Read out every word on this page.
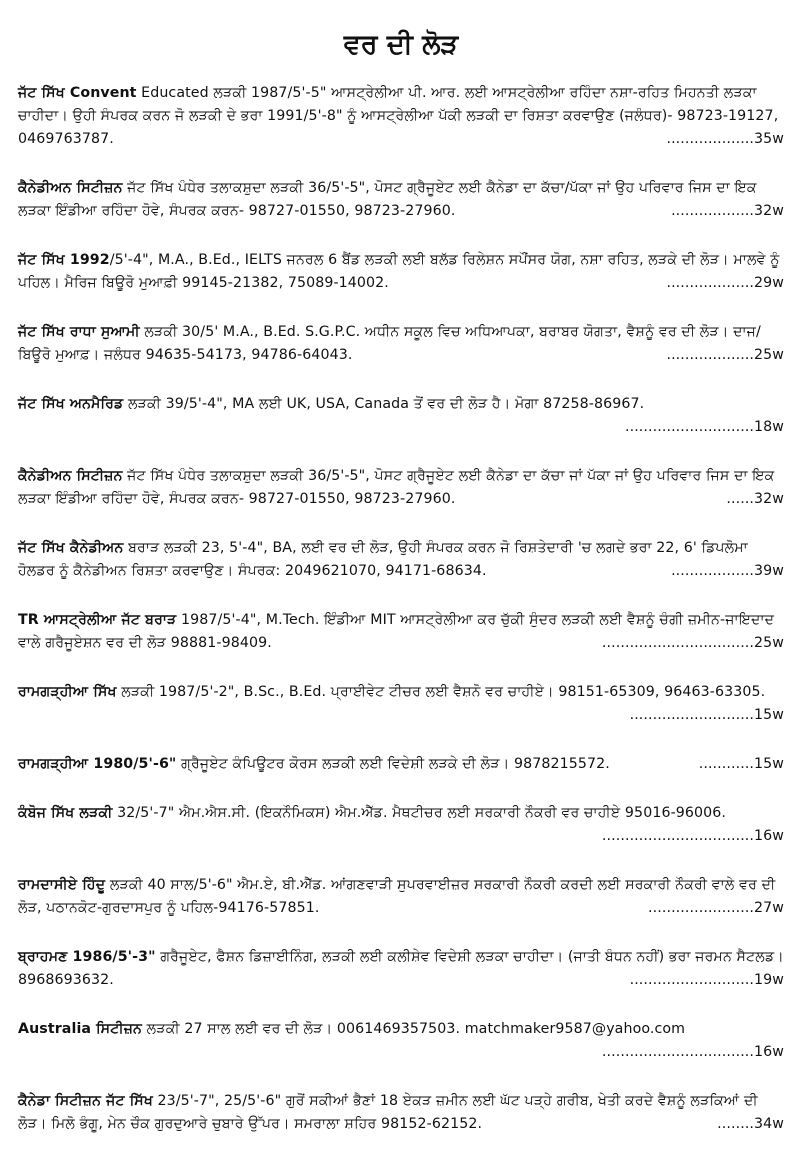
ਵਰ ਦੀ ਲੋੜ
ਜੱਟ ਸਿੱਖ Convent Educated ਲੜਕੀ 1987/5'-5" ਆਸਟ੍ਰੇਲੀਆ ਪੀ. ਆਰ. ਲਈ ਆਸਟ੍ਰੇਲੀਆ ਰਹਿੰਦਾ ਨਸ਼ਾ-ਰਹਿਤ ਮਿਹਨਤੀ ਲੜਕਾ ਚਾਹੀਦਾ। ਉਹੀ ਸੰਪਰਕ ਕਰਨ ਜੋ ਲੜਕੀ ਦੇ ਭਰਾ 1991/5'-8" ਨੂੰ ਆਸਟ੍ਰੇਲੀਆ ਪੱਕੀ ਲੜਕੀ ਦਾ ਰਿਸ਼ਤਾ ਕਰਵਾਉਣ (ਜਲੰਧਰ)- 98723-19127, 0469763787.	...................35w
ਕੈਨੇਡੀਅਨ ਸਿਟੀਜ਼ਨ ਜੱਟ ਸਿੱਖ ਪੰਧੇਰ ਤਲਾਕਸ਼ੁਦਾ ਲੜਕੀ 36/5'-5", ਪੋਸਟ ਗ੍ਰੈਜੂਏਟ ਲਈ ਕੈਨੇਡਾ ਦਾ ਕੱਚਾ/ਪੱਕਾ ਜਾਂ ਉਹ ਪਰਿਵਾਰ ਜਿਸ ਦਾ ਇਕ ਲੜਕਾ ਇੰਡੀਆ ਰਹਿੰਦਾ ਹੋਵੇ, ਸੰਪਰਕ ਕਰਨ- 98727-01550, 98723-27960.	..................32w
ਜੱਟ ਸਿੱਖ 1992/5'-4", M.A., B.Ed., IELTS ਜਨਰਲ 6 ਬੈਂਡ ਲੜਕੀ ਲਈ ਬਲੱਡ ਰਿਲੇਸ਼ਨ ਸਪੌਂਸਰ ਯੋਗ, ਨਸ਼ਾ ਰਹਿਤ, ਲੜਕੇ ਦੀ ਲੋੜ। ਮਾਲਵੇ ਨੂੰ ਪਹਿਲ। ਮੈਰਿਜ ਬਿਊਰੋ ਮੁਆਫ਼ੀ 99145-21382, 75089-14002.	...................29w
ਜੱਟ ਸਿੱਖ ਰਾਧਾ ਸੁਆਮੀ ਲੜਕੀ 30/5' M.A., B.Ed. S.G.P.C. ਅਧੀਨ ਸਕੂਲ ਵਿਚ ਅਧਿਆਪਕਾ, ਬਰਾਬਰ ਯੋਗਤਾ, ਵੈਸ਼ਨੂੰ ਵਰ ਦੀ ਲੋੜ। ਦਾਜ/ਬਿਊਰੋ ਮੁਆਫ਼। ਜਲੰਧਰ 94635-54173, 94786-64043.	...................25w
ਜੱਟ ਸਿੱਖ ਅਨਮੈਰਿਡ ਲੜਕੀ 39/5'-4", MA ਲਈ UK, USA, Canada ਤੋਂ ਵਰ ਦੀ ਲੋੜ ਹੈ। ਮੋਗਾ 87258-86967.
............................18w
ਕੈਨੇਡੀਅਨ ਸਿਟੀਜ਼ਨ ਜੱਟ ਸਿੱਖ ਪੰਧੇਰ ਤਲਾਕਸ਼ੁਦਾ ਲੜਕੀ 36/5'-5", ਪੋਸਟ ਗ੍ਰੈਜੂਏਟ ਲਈ ਕੈਨੇਡਾ ਦਾ ਕੱਚਾ ਜਾਂ ਪੱਕਾ ਜਾਂ ਉਹ ਪਰਿਵਾਰ ਜਿਸ ਦਾ ਇਕ ਲੜਕਾ ਇੰਡੀਆ ਰਹਿੰਦਾ ਹੋਵੇ, ਸੰਪਰਕ ਕਰਨ- 98727-01550, 98723-27960.	......32w
ਜੱਟ ਸਿੱਖ ਕੈਨੇਡੀਅਨ ਬਰਾੜ ਲੜਕੀ 23, 5'-4", BA, ਲਈ ਵਰ ਦੀ ਲੋੜ, ਉਹੀ ਸੰਪਰਕ ਕਰਨ ਜੋ ਰਿਸ਼ਤੇਦਾਰੀ 'ਚ ਲਗਦੇ ਭਰਾ 22, 6' ਡਿਪਲੋਮਾ ਹੋਲਡਰ ਨੂੰ ਕੈਨੇਡੀਅਨ ਰਿਸ਼ਤਾ ਕਰਵਾਉਣ। ਸੰਪਰਕ: 2049621070, 94171-68634.	..................39w
TR ਆਸਟ੍ਰੇਲੀਆ ਜੱਟ ਬਰਾੜ 1987/5'-4", M.Tech. ਇੰਡੀਆ MIT ਆਸਟ੍ਰੇਲੀਆ ਕਰ ਚੁੱਕੀ ਸੁੰਦਰ ਲੜਕੀ ਲਈ ਵੈਸ਼ਨੂੰ ਚੰਗੀ ਜ਼ਮੀਨ-ਜਾਇਦਾਦ ਵਾਲੇ ਗਰੈਜੂਏਸ਼ਨ ਵਰ ਦੀ ਲੋੜ 98881-98409.	.................................25w
ਰਾਮਗੜ੍ਹੀਆ ਸਿੱਖ ਲੜਕੀ 1987/5'-2", B.Sc., B.Ed. ਪ੍ਰਾਈਵੇਟ ਟੀਚਰ ਲਈ ਵੈਸ਼ਨੋ ਵਰ ਚਾਹੀਏ। 98151-65309, 96463-63305.
...........................15w
ਰਾਮਗੜ੍ਹੀਆ 1980/5'-6" ਗ੍ਰੈਜੂਏਟ ਕੰਪਿਊਟਰ ਕੋਰਸ ਲੜਕੀ ਲਈ ਵਿਦੇਸ਼ੀ ਲੜਕੇ ਦੀ ਲੋੜ। 9878215572.	............15w
ਕੰਬੋਜ ਸਿੱਖ ਲੜਕੀ 32/5'-7" ਐਮ.ਐਸ.ਸੀ. (ਇਕਨੌਮਿਕਸ) ਐਮ.ਐੱਡ. ਮੈਥਟੀਚਰ ਲਈ ਸਰਕਾਰੀ ਨੌਕਰੀ ਵਰ ਚਾਹੀਏ 95016-96006.
.................................16w
ਰਾਮਦਾਸੀਏ ਹਿੰਦੂ ਲੜਕੀ 40 ਸਾਲ/5'-6" ਐਮ.ਏ, ਬੀ.ਐੱਡ. ਆਂਗਣਵਾੜੀ ਸੁਪਰਵਾਈਜ਼ਰ ਸਰਕਾਰੀ ਨੌਕਰੀ ਕਰਦੀ ਲਈ ਸਰਕਾਰੀ ਨੌਕਰੀ ਵਾਲੇ ਵਰ ਦੀ ਲੋੜ, ਪਠਾਨਕੋਟ-ਗੁਰਦਾਸਪੁਰ ਨੂੰ ਪਹਿਲ-94176-57851.	.......................27w
ਬ੍ਰਾਹਮਣ 1986/5'-3" ਗਰੈਜੂਏਟ, ਫੈਸ਼ਨ ਡਿਜ਼ਾਈਨਿੰਗ, ਲੜਕੀ ਲਈ ਕਲੀਸ਼ੇਵ ਵਿਦੇਸ਼ੀ ਲੜਕਾ ਚਾਹੀਦਾ। (ਜਾਤੀ ਬੰਧਨ ਨਹੀਂ) ਭਰਾ ਜਰਮਨ ਸੈਟਲਡ। 8968693632.	...........................19w
Australia ਸਿਟੀਜ਼ਨ ਲੜਕੀ 27 ਸਾਲ ਲਈ ਵਰ ਦੀ ਲੋੜ। 0061469357503. matchmaker9587@yahoo.com
.................................16w
ਕੈਨੇਡਾ ਸਿਟੀਜ਼ਨ ਜੱਟ ਸਿੱਖ 23/5'-7", 25/5'-6" ਗੁਰੋਂ ਸਕੀਆਂ ਭੈਣਾਂ 18 ਏਕੜ ਜ਼ਮੀਨ ਲਈ ਘੱਟ ਪੜ੍ਹੇ ਗਰੀਬ, ਖੇਤੀ ਕਰਦੇ ਵੈਸ਼ਨੂੰ ਲੜਕਿਆਂ ਦੀ ਲੋੜ। ਮਿਲੋ ਭੰਗੂ, ਮੇਨ ਚੌਕ ਗੁਰਦੁਆਰੇ ਚੁਬਾਰੇ ਉੱਪਰ। ਸਮਰਾਲਾ ਸ਼ਹਿਰ 98152-62152.	........34w
